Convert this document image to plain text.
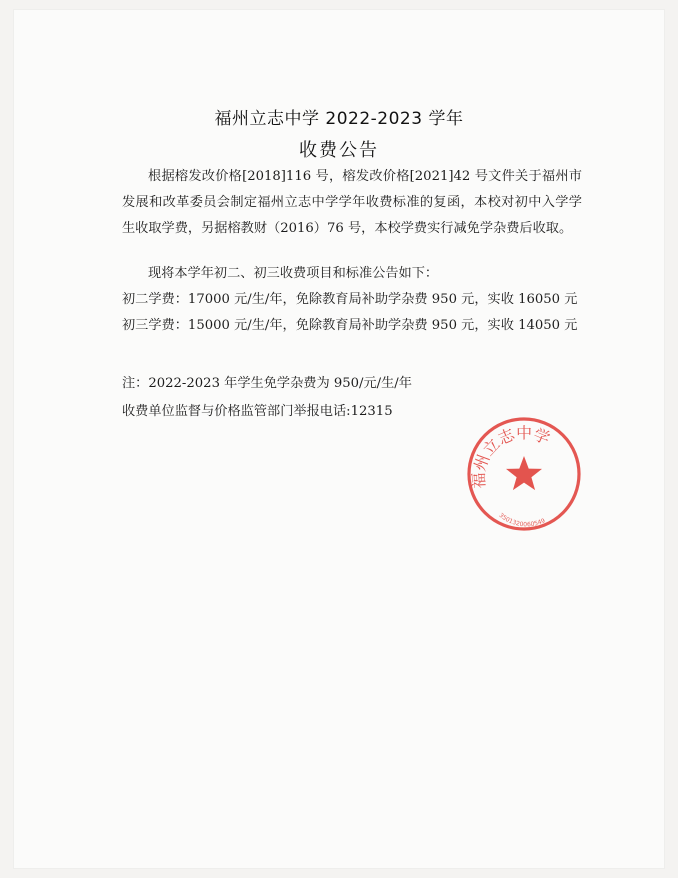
福州立志中学 2022-2023 学年
收费公告
根据榕发改价格[2018]116 号，榕发改价格[2021]42 号文件关于福州市发展和改革委员会制定福州立志中学学年收费标准的复函，本校对初中入学学生收取学费，另据榕教财（2016）76 号，本校学费实行减免学杂费后收取。
现将本学年初二、初三收费项目和标准公告如下：
初二学费：17000 元/生/年，免除教育局补助学杂费 950 元，实收 16050 元
初三学费：15000 元/生/年，免除教育局补助学杂费 950 元，实收 14050 元
注：2022-2023 年学生免学杂费为 950/元/生/年
收费单位监督与价格监管部门举报电话:12315
福州立志中学
3501320060549
